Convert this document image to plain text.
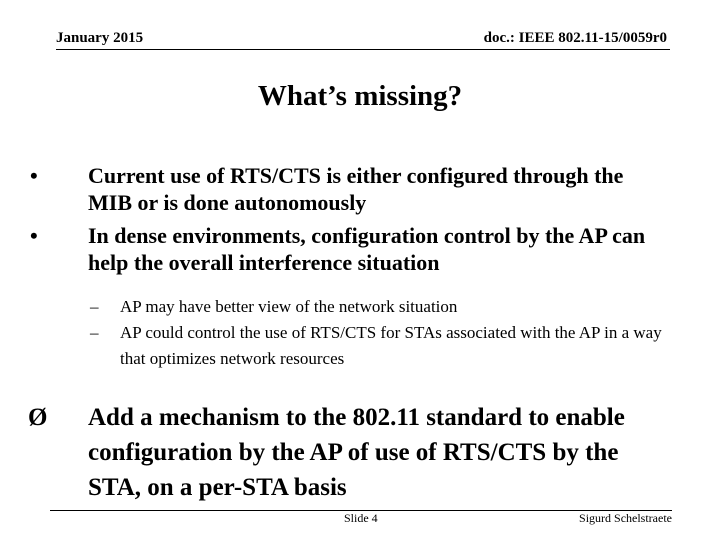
January 2015	doc.: IEEE 802.11-15/0059r0
What’s missing?
•	Current use of RTS/CTS is either configured through the MIB or is done autonomously
•	In dense environments, configuration control by the AP can help the overall interference situation
– AP may have better view of the network situation
– AP could control the use of RTS/CTS for STAs associated with the AP in a way that optimizes network resources
Ø Add a mechanism to the 802.11 standard to enable configuration by the AP of use of RTS/CTS by the STA, on a per-STA basis
Slide 4	Sigurd Schelstraete
